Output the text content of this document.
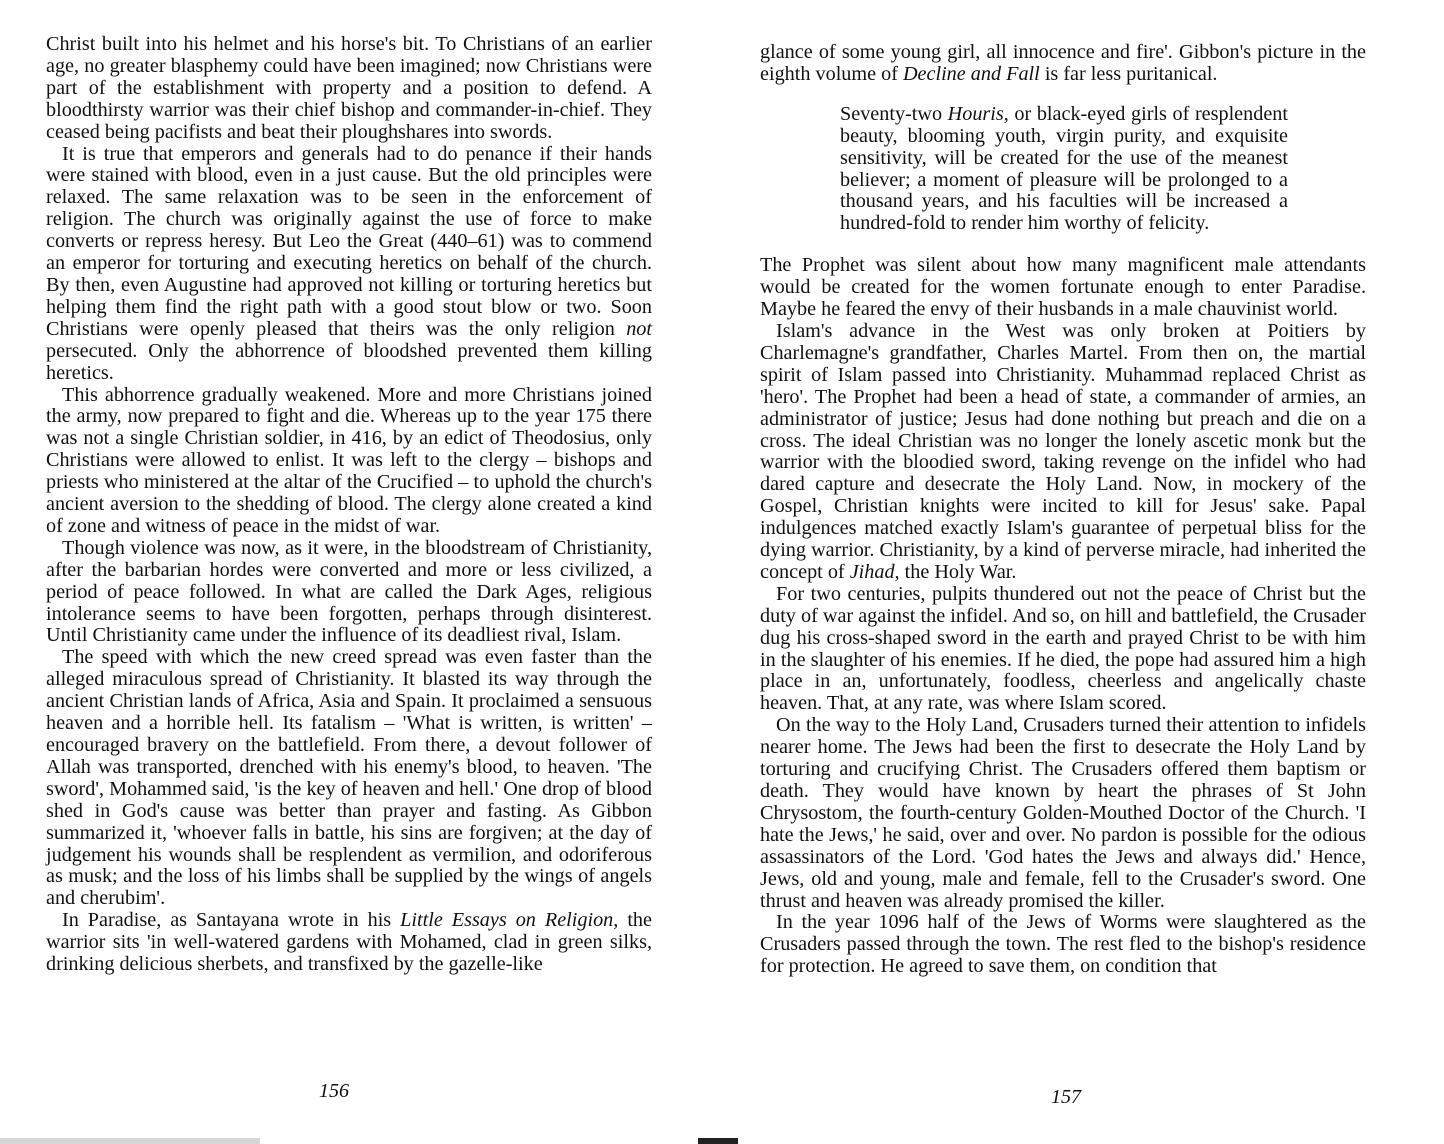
Christ built into his helmet and his horse's bit. To Christians of an earlier age, no greater blasphemy could have been imagined; now Christians were part of the establishment with property and a position to defend. A bloodthirsty warrior was their chief bishop and commander-in-chief. They ceased being pacifists and beat their ploughshares into swords.

It is true that emperors and generals had to do penance if their hands were stained with blood, even in a just cause. But the old principles were relaxed. The same relaxation was to be seen in the enforcement of religion. The church was originally against the use of force to make converts or repress heresy. But Leo the Great (440–61) was to commend an emperor for torturing and executing heretics on behalf of the church. By then, even Augustine had approved not killing or torturing heretics but helping them find the right path with a good stout blow or two. Soon Christians were openly pleased that theirs was the only religion not persecuted. Only the abhorrence of bloodshed prevented them killing heretics.

This abhorrence gradually weakened. More and more Christians joined the army, now prepared to fight and die. Whereas up to the year 175 there was not a single Christian soldier, in 416, by an edict of Theodosius, only Christians were allowed to enlist. It was left to the clergy – bishops and priests who ministered at the altar of the Crucified – to uphold the church's ancient aversion to the shedding of blood. The clergy alone created a kind of zone and witness of peace in the midst of war.

Though violence was now, as it were, in the bloodstream of Christianity, after the barbarian hordes were converted and more or less civilized, a period of peace followed. In what are called the Dark Ages, religious intolerance seems to have been forgotten, perhaps through disinterest. Until Christianity came under the influence of its deadliest rival, Islam.

The speed with which the new creed spread was even faster than the alleged miraculous spread of Christianity. It blasted its way through the ancient Christian lands of Africa, Asia and Spain. It proclaimed a sensuous heaven and a horrible hell. Its fatalism – 'What is written, is written' – encouraged bravery on the battlefield. From there, a devout follower of Allah was transported, drenched with his enemy's blood, to heaven. 'The sword', Mohammed said, 'is the key of heaven and hell.' One drop of blood shed in God's cause was better than prayer and fasting. As Gibbon summarized it, 'whoever falls in battle, his sins are forgiven; at the day of judgement his wounds shall be resplendent as vermilion, and odoriferous as musk; and the loss of his limbs shall be supplied by the wings of angels and cherubim'.

In Paradise, as Santayana wrote in his Little Essays on Religion, the warrior sits 'in well-watered gardens with Mohamed, clad in green silks, drinking delicious sherbets, and transfixed by the gazelle-like

156

glance of some young girl, all innocence and fire'. Gibbon's picture in the eighth volume of Decline and Fall is far less puritanical.

Seventy-two Houris, or black-eyed girls of resplendent beauty, blooming youth, virgin purity, and exquisite sensitivity, will be created for the use of the meanest believer; a moment of pleasure will be prolonged to a thousand years, and his faculties will be increased a hundred-fold to render him worthy of felicity.

The Prophet was silent about how many magnificent male attendants would be created for the women fortunate enough to enter Paradise. Maybe he feared the envy of their husbands in a male chauvinist world.

Islam's advance in the West was only broken at Poitiers by Charlemagne's grandfather, Charles Martel. From then on, the martial spirit of Islam passed into Christianity. Muhammad replaced Christ as 'hero'. The Prophet had been a head of state, a commander of armies, an administrator of justice; Jesus had done nothing but preach and die on a cross. The ideal Christian was no longer the lonely ascetic monk but the warrior with the bloodied sword, taking revenge on the infidel who had dared capture and desecrate the Holy Land. Now, in mockery of the Gospel, Christian knights were incited to kill for Jesus' sake. Papal indulgences matched exactly Islam's guarantee of perpetual bliss for the dying warrior. Christianity, by a kind of perverse miracle, had inherited the concept of Jihad, the Holy War.

For two centuries, pulpits thundered out not the peace of Christ but the duty of war against the infidel. And so, on hill and battlefield, the Crusader dug his cross-shaped sword in the earth and prayed Christ to be with him in the slaughter of his enemies. If he died, the pope had assured him a high place in an, unfortunately, foodless, cheerless and angelically chaste heaven. That, at any rate, was where Islam scored.

On the way to the Holy Land, Crusaders turned their attention to infidels nearer home. The Jews had been the first to desecrate the Holy Land by torturing and crucifying Christ. The Crusaders offered them baptism or death. They would have known by heart the phrases of St John Chrysostom, the fourth-century Golden-Mouthed Doctor of the Church. 'I hate the Jews,' he said, over and over. No pardon is possible for the odious assassinators of the Lord. 'God hates the Jews and always did.' Hence, Jews, old and young, male and female, fell to the Crusader's sword. One thrust and heaven was already promised the killer.

In the year 1096 half of the Jews of Worms were slaughtered as the Crusaders passed through the town. The rest fled to the bishop's residence for protection. He agreed to save them, on condition that

157
